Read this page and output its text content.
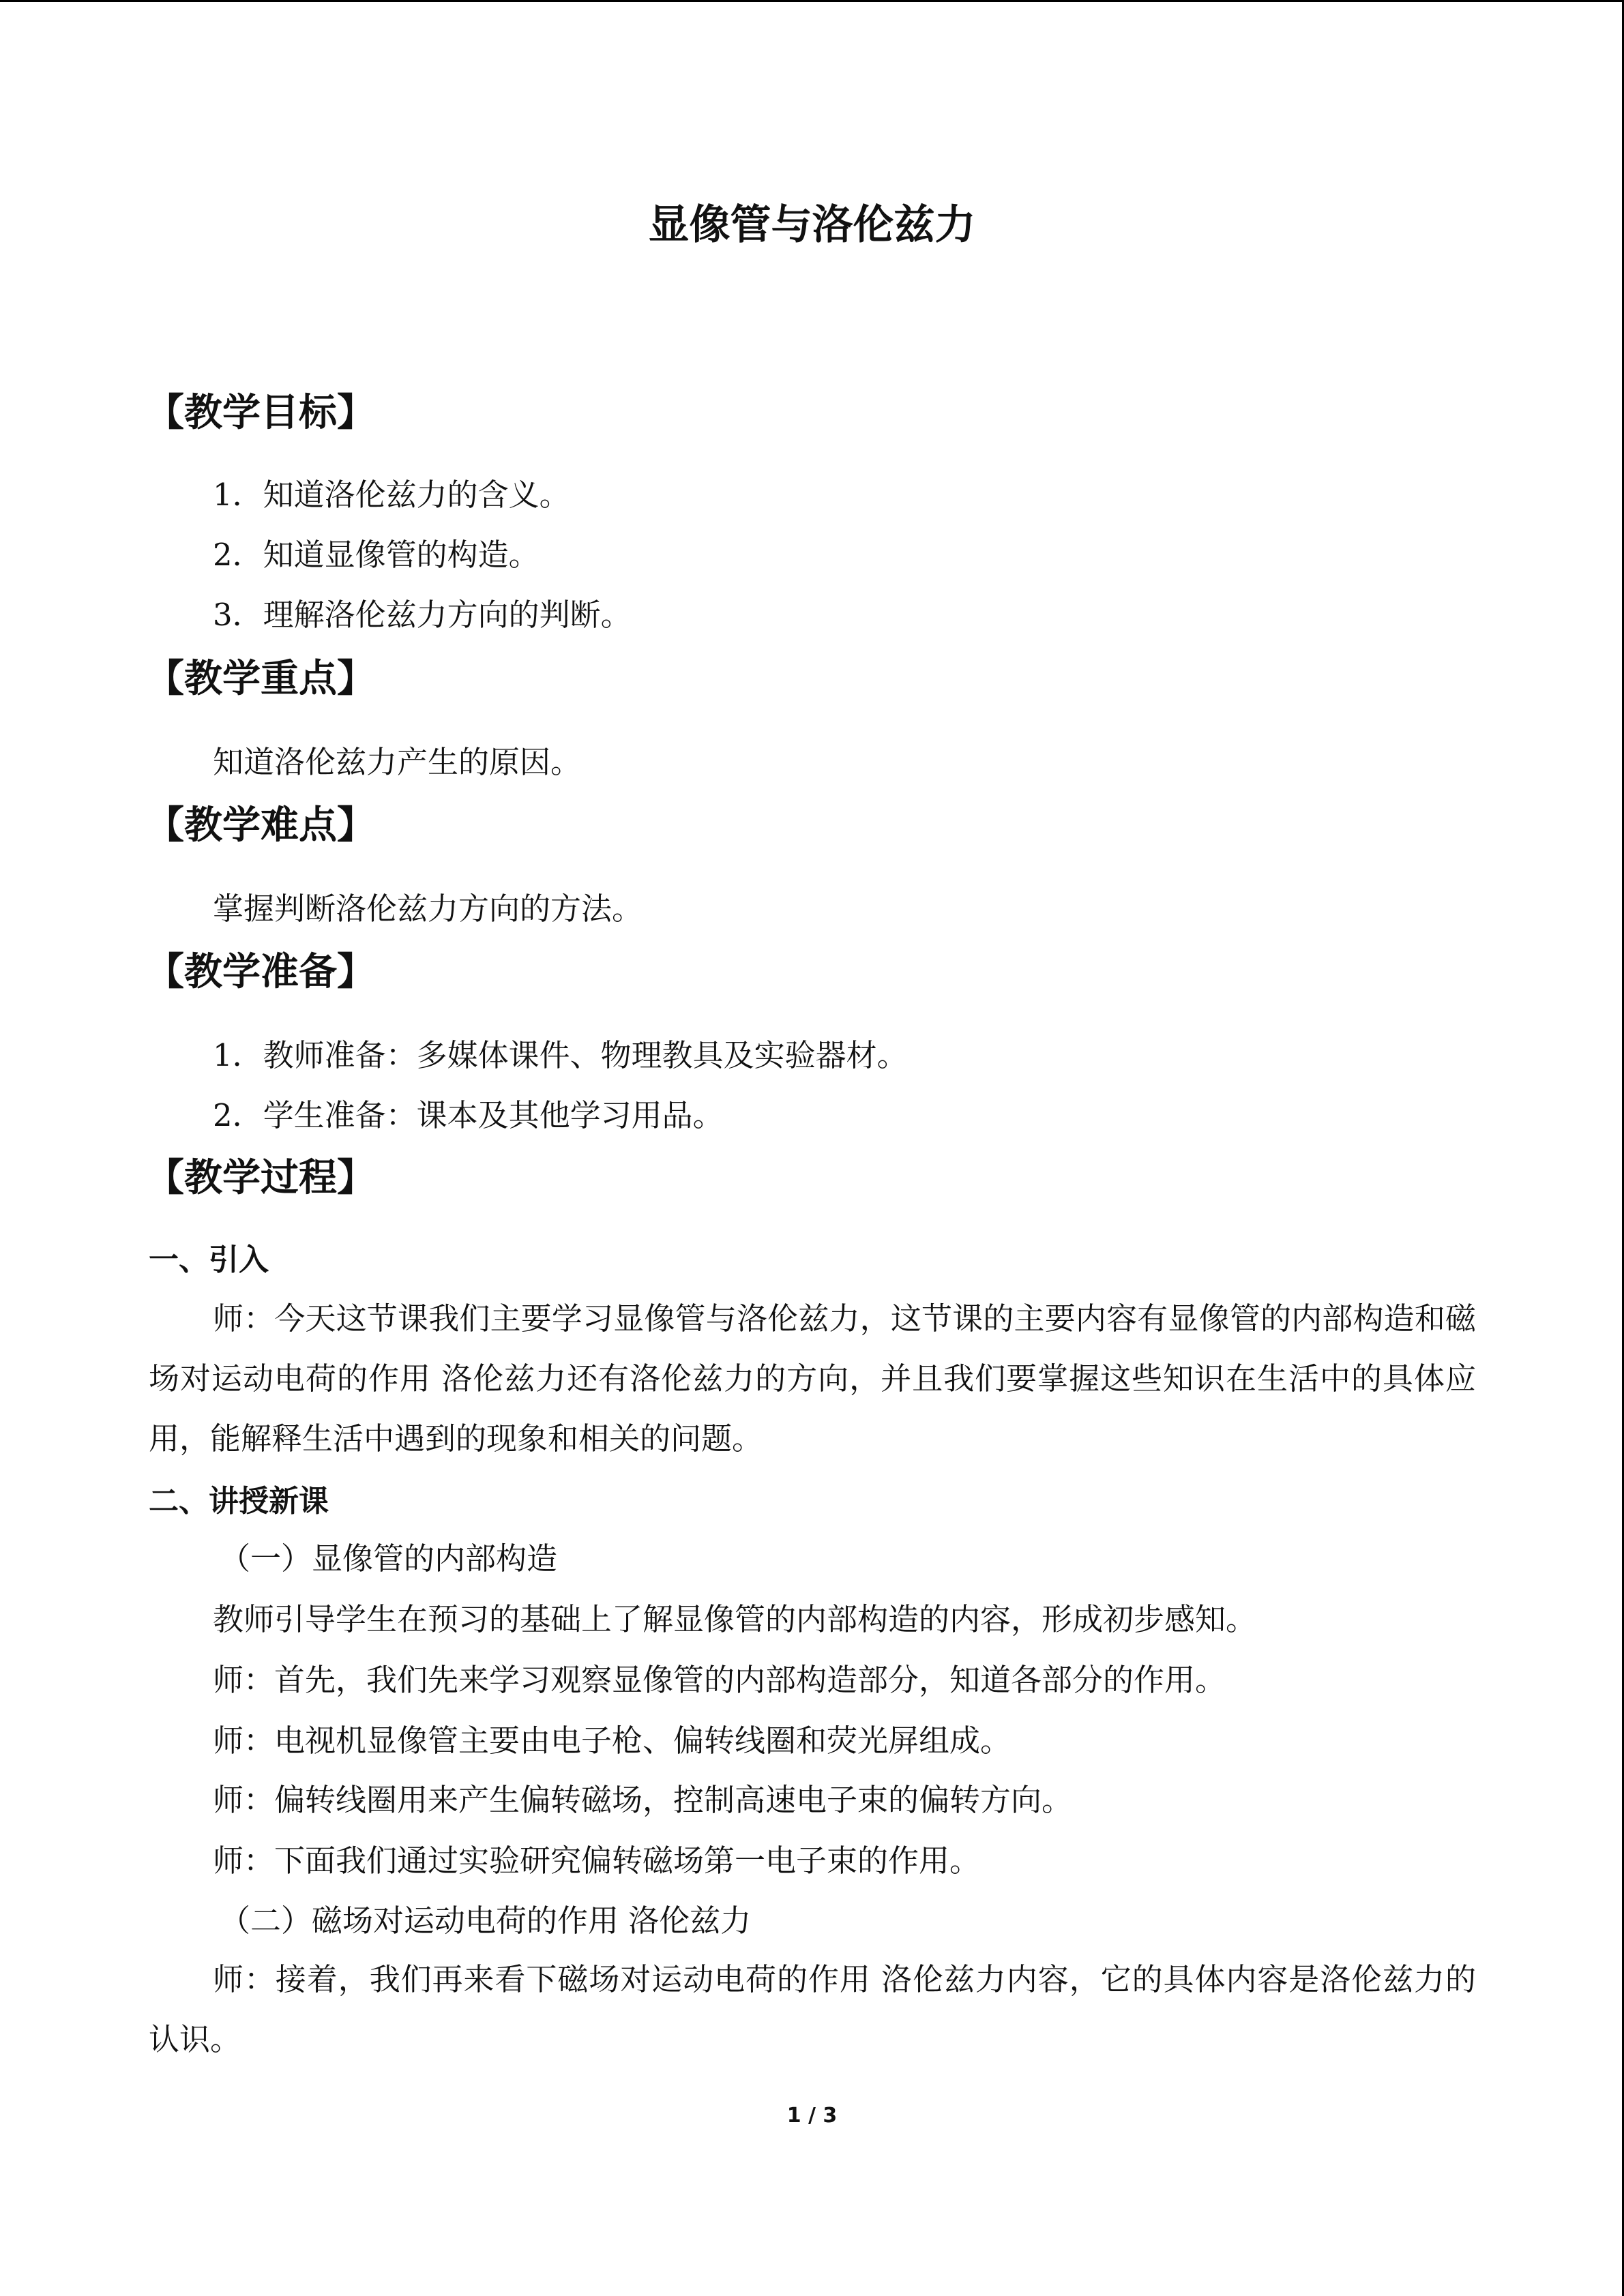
显像管与洛伦兹力
【教学目标】
1．知道洛伦兹力的含义。
2．知道显像管的构造。
3．理解洛伦兹力方向的判断。
【教学重点】
知道洛伦兹力产生的原因。
【教学难点】
掌握判断洛伦兹力方向的方法。
【教学准备】
1．教师准备：多媒体课件、物理教具及实验器材。
2．学生准备：课本及其他学习用品。
【教学过程】
一、引入
师：今天这节课我们主要学习显像管与洛伦兹力，这节课的主要内容有显像管的内部构造和磁场对运动电荷的作用 洛伦兹力还有洛伦兹力的方向，并且我们要掌握这些知识在生活中的具体应用，能解释生活中遇到的现象和相关的问题。
二、讲授新课
（一）显像管的内部构造
教师引导学生在预习的基础上了解显像管的内部构造的内容，形成初步感知。
师：首先，我们先来学习观察显像管的内部构造部分，知道各部分的作用。
师：电视机显像管主要由电子枪、偏转线圈和荧光屏组成。
师：偏转线圈用来产生偏转磁场，控制高速电子束的偏转方向。
师：下面我们通过实验研究偏转磁场第一电子束的作用。
（二）磁场对运动电荷的作用 洛伦兹力
师：接着，我们再来看下磁场对运动电荷的作用 洛伦兹力内容，它的具体内容是洛伦兹力的认识。
1 / 3
